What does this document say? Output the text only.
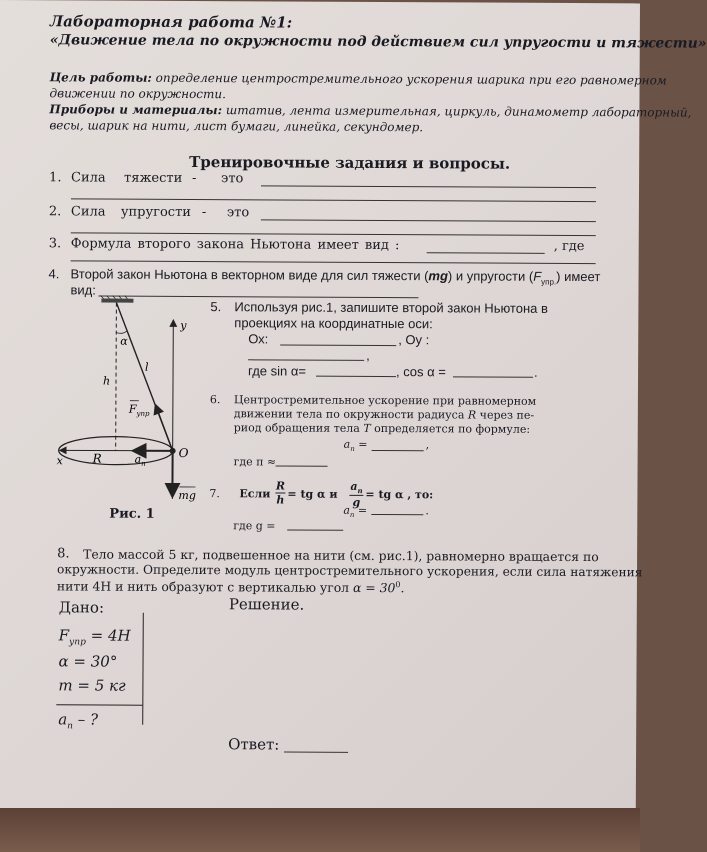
Лабораторная работа №1:
«Движение тела по окружности под действием сил упругости и тяжести»
Цель работы: определение центростремительного ускорения шарика при его равномерном
движении по окружности.
Приборы и материалы: штатив, лента измерительная, циркуль, динамометр лабораторный,
весы, шарик на нити, лист бумаги, линейка, секундомер.
Тренировочные задания и вопросы.
1. Сила тяжести - это
2. Сила упругости - это
3. Формула второго закона Ньютона имеет вид :	, где
4. Второй закон Ньютона в векторном виде для сил тяжести (mg) и упругости $(F_{упр.})$ имеет
вид:
α
l
h
$F_{упр}$
y
x R	$a_n$
O
mg
Рис. 1
5. Используя рис.1, запишите второй закон Ньютона в
проекциях на координатные оси:
Ох:	, Оу :
,
где sin α=	, cos α =	.
6. Центростремительное ускорение при равномерном
движении тела по окружности радиуса R через пе-
риод обращения тела T определяется по формуле:
$a_n$ =	,
где π ≈
7. Если
R
h = tg α и
$a_n$
g
= tg α , то:
$a_n$ =	.
где g =
8. Тело массой 5 кг, подвешенное на нити (см. рис.1), равномерно вращается по
окружности. Определите модуль центростремительного ускорения, если сила натяжения
нити 4Н и нить образуют с вертикалью угол $\alpha = 30^0$.
Дано:	Решение.
$F_{упр} = 4H$
α = 30°
m = 5 кг
$a_n$ – ?
Ответ:
